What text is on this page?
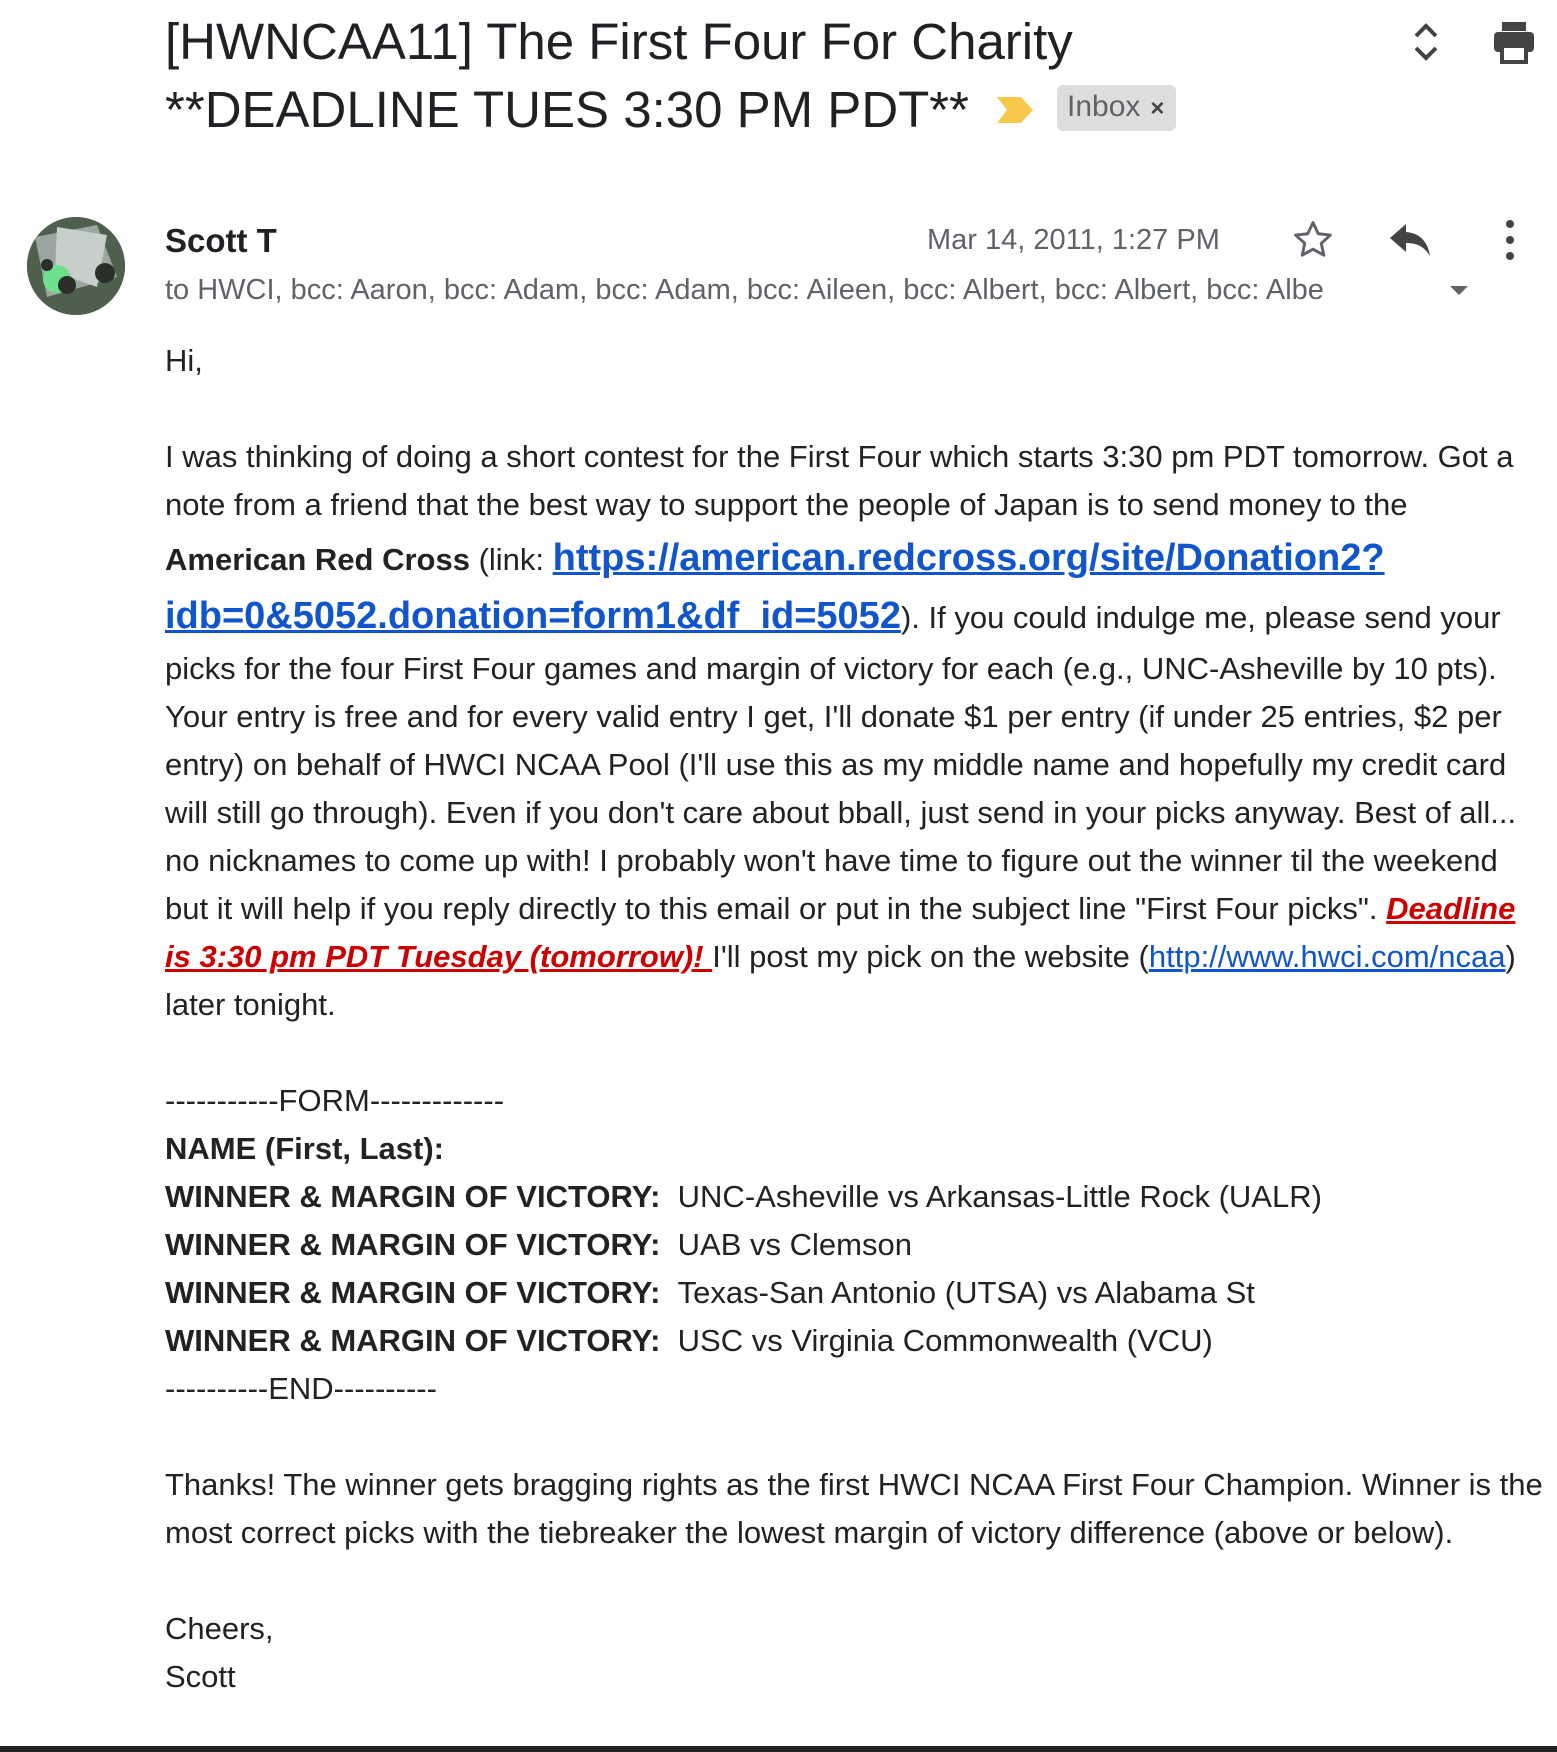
[HWNCAA11] The First Four For Charity
**DEADLINE TUES 3:30 PM PDT**	Inbox ×
Scott T	Mar 14, 2011, 1:27 PM
to HWCI, bcc: Aaron, bcc: Adam, bcc: Adam, bcc: Aileen, bcc: Albert, bcc: Albert, bcc: Albe

Hi,

I was thinking of doing a short contest for the First Four which starts 3:30 pm PDT tomorrow. Got a note from a friend that the best way to support the people of Japan is to send money to the American Red Cross (link: https://american.redcross.org/site/Donation2?idb=0&5052.donation=form1&df_id=5052). If you could indulge me, please send your picks for the four First Four games and margin of victory for each (e.g., UNC-Asheville by 10 pts). Your entry is free and for every valid entry I get, I'll donate $1 per entry (if under 25 entries, $2 per entry) on behalf of HWCI NCAA Pool (I'll use this as my middle name and hopefully my credit card will still go through). Even if you don't care about bball, just send in your picks anyway. Best of all... no nicknames to come up with! I probably won't have time to figure out the winner til the weekend but it will help if you reply directly to this email or put in the subject line "First Four picks". Deadline is 3:30 pm PDT Tuesday (tomorrow)! I'll post my pick on the website (http://www.hwci.com/ncaa) later tonight.

-----------FORM-------------

NAME (First, Last):

WINNER & MARGIN OF VICTORY: UNC-Asheville vs Arkansas-Little Rock (UALR)

WINNER & MARGIN OF VICTORY: UAB vs Clemson

WINNER & MARGIN OF VICTORY: Texas-San Antonio (UTSA) vs Alabama St

WINNER & MARGIN OF VICTORY: USC vs Virginia Commonwealth (VCU)

----------END----------

Thanks! The winner gets bragging rights as the first HWCI NCAA First Four Champion. Winner is the most correct picks with the tiebreaker the lowest margin of victory difference (above or below).

Cheers,

Scott
